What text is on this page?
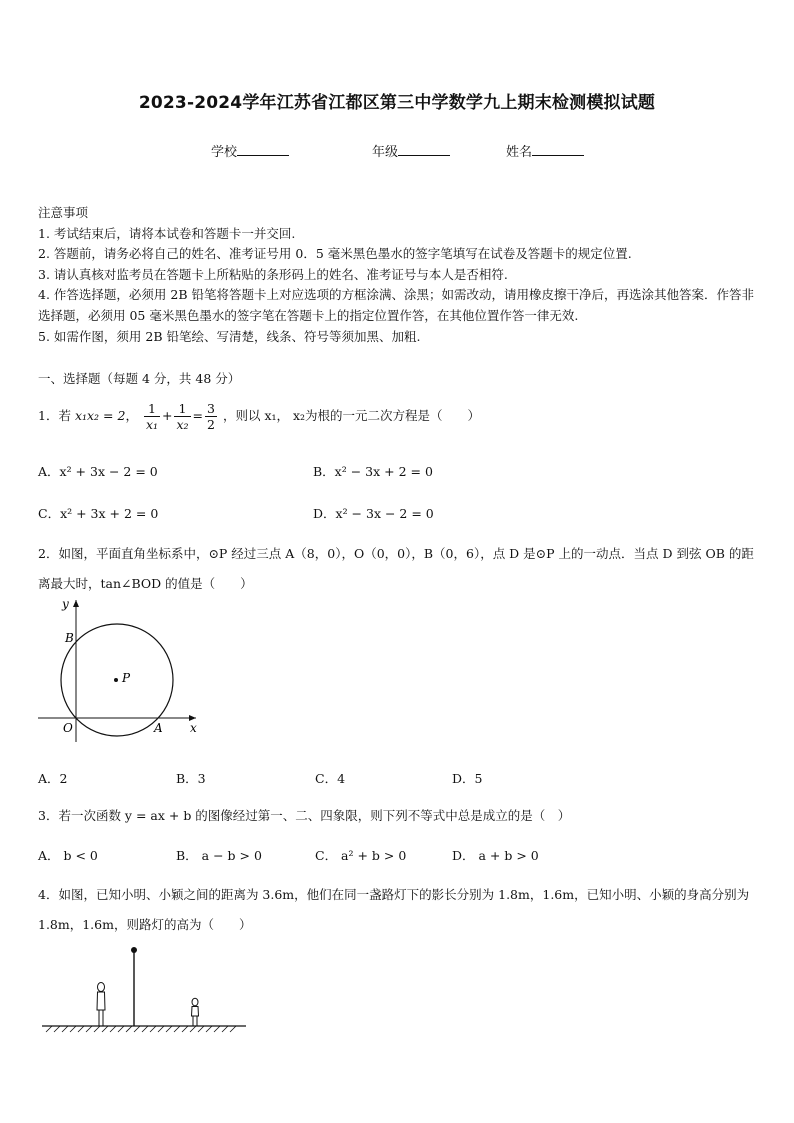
2023-2024学年江苏省江都区第三中学数学九上期末检测模拟试题
学校	年级	姓名

注意事项

1. 考试结束后，请将本试卷和答题卡一并交回.

2. 答题前，请务必将自己的姓名、准考证号用 0．5 毫米黑色墨水的签字笔填写在试卷及答题卡的规定位置.

3. 请认真核对监考员在答题卡上所粘贴的条形码上的姓名、准考证号与本人是否相符.

4. 作答选择题，必须用 2B 铅笔将答题卡上对应选项的方框涂满、涂黑；如需改动，请用橡皮擦干净后，再选涂其他答案．作答非选择题，必须用 05 毫米黑色墨水的签字笔在答题卡上的指定位置作答，在其他位置作答一律无效.

5. 如需作图，须用 2B 铅笔绘、写清楚，线条、符号等须加黑、加粗.

一、选择题（每题 4 分，共 48 分）
1．若 x₁x₂ = 2， $\frac{1}{\text{x₁}} + \frac{1}{\text{x₂}} = \frac{3}{2}$ ，则以 x₁， x₂为根的一元二次方程是（　　）
A．x² + 3x − 2 = 0	B．x² − 3x + 2 = 0
C．x² + 3x + 2 = 0	D．x² − 3x − 2 = 0
2．如图，平面直角坐标系中，⊙P 经过三点 A（8，0），O（0，0），B（0，6），点 D 是⊙P 上的一动点．当点 D 到弦 OB 的距离最大时，tan∠BOD 的值是（　　）
y
x
B
P
O	A
A．2	B．3	C．4	D．5
3．若一次函数 y = ax + b 的图像经过第一、二、四象限，则下列不等式中总是成立的是（　）
A． b < 0	B． a − b > 0	C． a² + b > 0	D． a + b > 0
4．如图，已知小明、小颖之间的距离为 3.6m，他们在同一盏路灯下的影长分别为 1.8m，1.6m，已知小明、小颖的身高分别为 1.8m，1.6m，则路灯的高为（　　）
